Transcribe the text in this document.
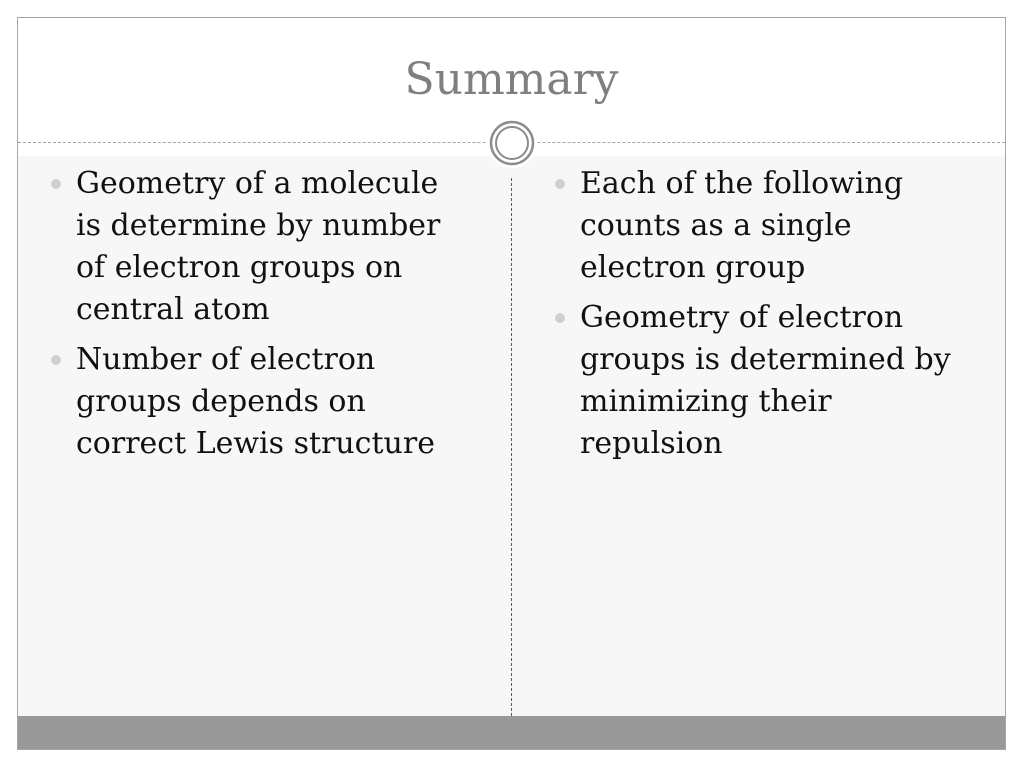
Summary
Geometry of a molecule is determine by number of electron groups on central atom
Number of electron groups depends on correct Lewis structure
Each of the following counts as a single electron group
Geometry of electron groups is determined by minimizing their repulsion
